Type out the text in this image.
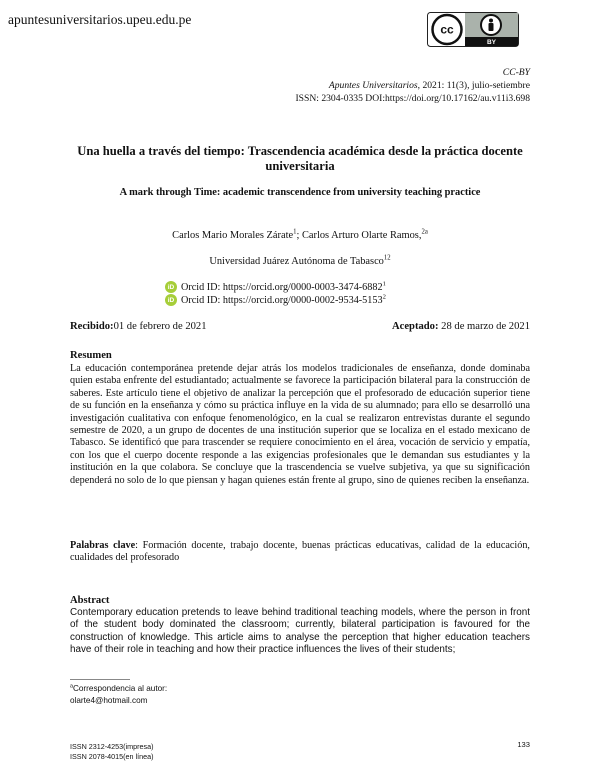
apuntesuniversitarios.upeu.edu.pe
cc
BY
CC-BY
Apuntes Universitarios, 2021: 11(3), julio-setiembre
ISSN: 2304-0335 DOI:https://doi.org/10.17162/au.v11i3.698
Una huella a través del tiempo: Trascendencia académica desde la práctica docente universitaria
A mark through Time: academic transcendence from university teaching practice
Carlos Mario Morales Zárate$^1$; Carlos Arturo Olarte Ramos,$^{2a}$
Universidad Juárez Autónoma de Tabasco$^{12}$
iD Orcid ID: https://orcid.org/0000-0003-3474-6882$^1$
iD Orcid ID: https://orcid.org/0000-0002-9534-5153$^2$
Recibido:01 de febrero de 2021	Aceptado: 28 de marzo de 2021
Resumen
La educación contemporánea pretende dejar atrás los modelos tradicionales de enseñanza, donde dominaba quien estaba enfrente del estudiantado; actualmente se favorece la participación bilateral para la construcción de saberes. Este artículo tiene el objetivo de analizar la percepción que el profesorado de educación superior tiene de su función en la enseñanza y cómo su práctica influye en la vida de su alumnado; para ello se desarrolló una investigación cualitativa con enfoque fenomenológico, en la cual se realizaron entrevistas durante el segundo semestre de 2020, a un grupo de docentes de una institución superior que se localiza en el estado mexicano de Tabasco. Se identificó que para trascender se requiere conocimiento en el área, vocación de servicio y empatía, con los que el cuerpo docente responde a las exigencias profesionales que le demandan sus estudiantes y la institución en la que colabora. Se concluye que la trascendencia se vuelve subjetiva, ya que su significación dependerá no solo de lo que piensan y hagan quienes están frente al grupo, sino de quienes reciben la enseñanza.
Palabras clave: Formación docente, trabajo docente, buenas prácticas educativas, calidad de la educación, cualidades del profesorado
Abstract
Contemporary education pretends to leave behind traditional teaching models, where the person in front of the student body dominated the classroom; currently, bilateral participation is favoured for the construction of knowledge. This article aims to analyse the perception that higher education teachers have of their role in teaching and how their practice influences the lives of their students;
$^a$Correspondencia al autor:
olarte4@hotmail.com
ISSN 2312-4253(impresa)
ISSN 2078-4015(en línea)
133
